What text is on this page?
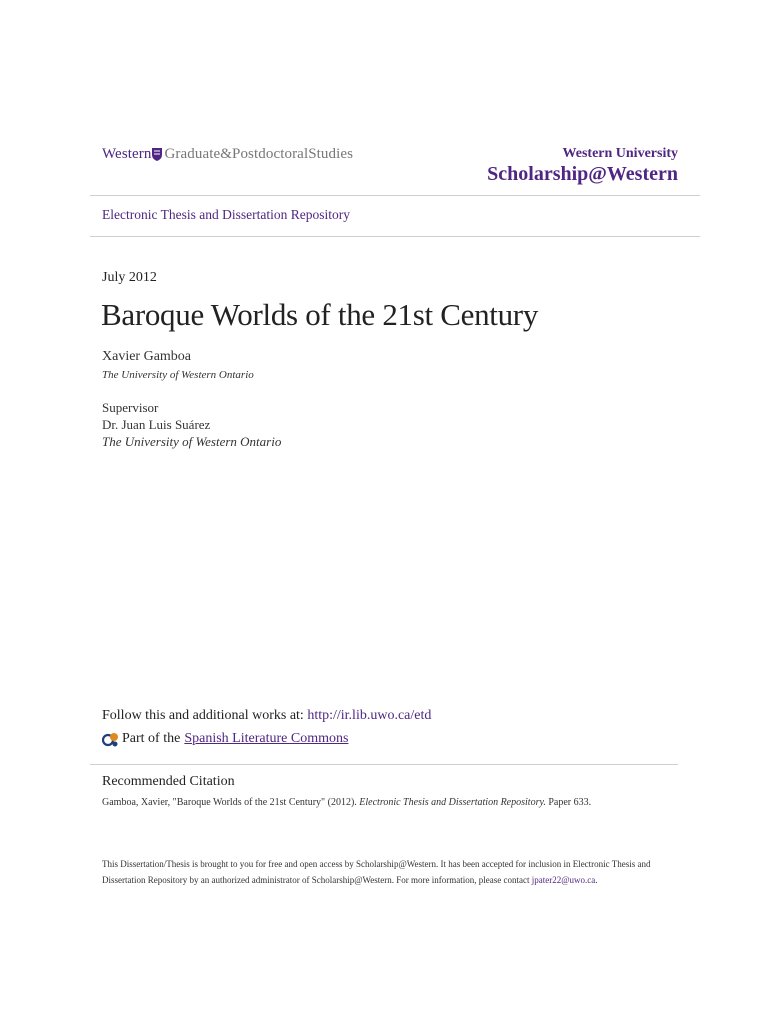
Western Graduate&PostdoctoralStudies	Western University
Scholarship@Western
Electronic Thesis and Dissertation Repository
July 2012
Baroque Worlds of the 21st Century
Xavier Gamboa
The University of Western Ontario
Supervisor
Dr. Juan Luis Suárez
The University of Western Ontario
Follow this and additional works at: http://ir.lib.uwo.ca/etd
Part of the Spanish Literature Commons
Recommended Citation
Gamboa, Xavier, "Baroque Worlds of the 21st Century" (2012). Electronic Thesis and Dissertation Repository. Paper 633.
This Dissertation/Thesis is brought to you for free and open access by Scholarship@Western. It has been accepted for inclusion in Electronic Thesis and Dissertation Repository by an authorized administrator of Scholarship@Western. For more information, please contact jpater22@uwo.ca.
